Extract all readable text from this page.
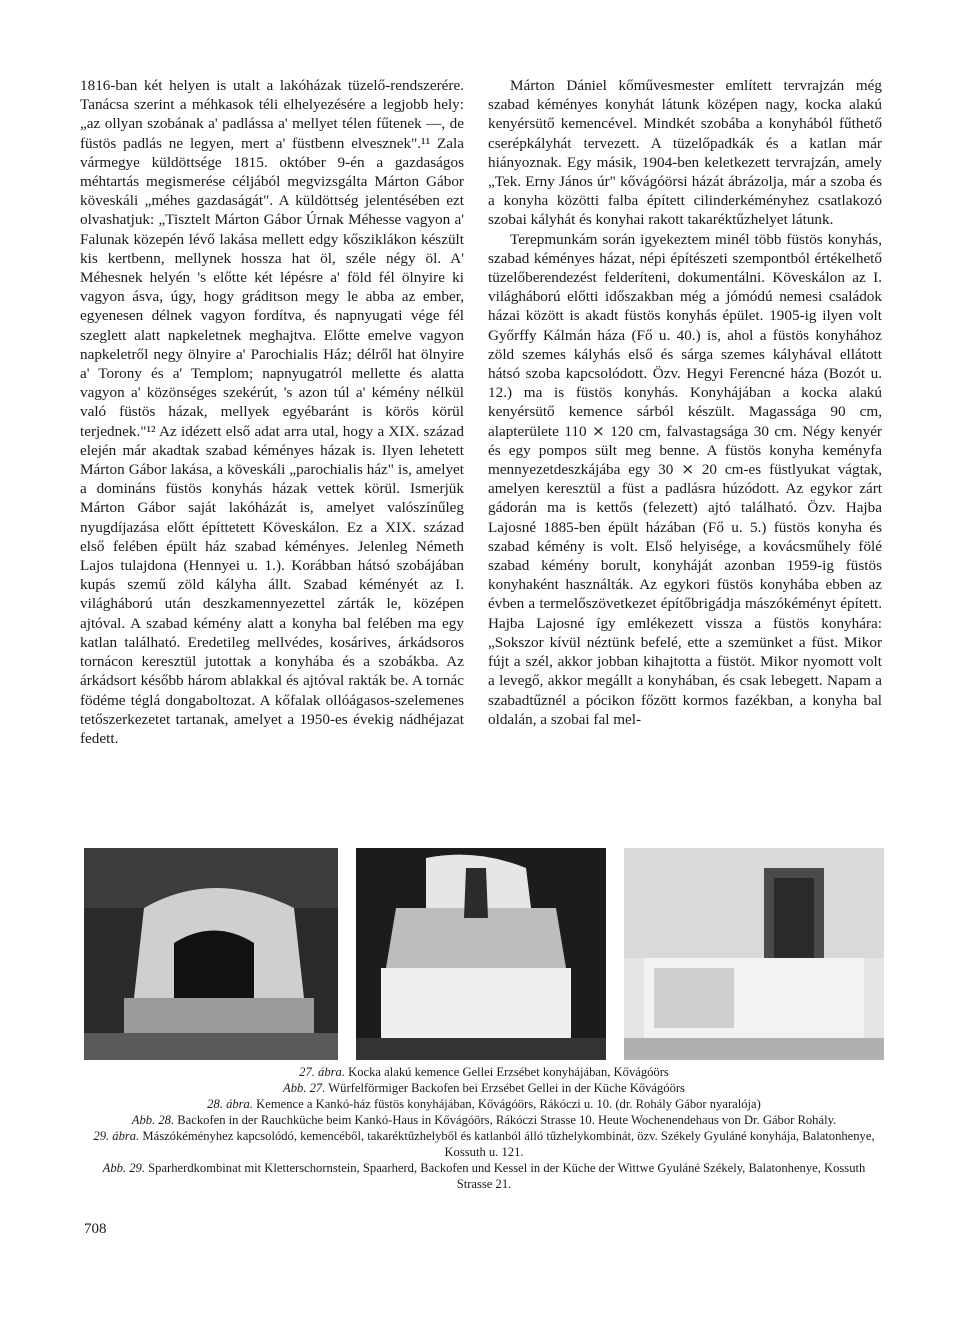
1816-ban két helyen is utalt a lakóházak tüzelő-rendszerére. Tanácsa szerint a méhkasok téli elhelyezésére a legjobb hely: „az ollyan szobának a' padlássa a' mellyet télen fűtenek —, de füstös padlás ne legyen, mert a' füstbenn elvesznek".¹¹ Zala vármegye küldöttsége 1815. október 9-én a gazdaságos méhtartás megismerése céljából megvizsgálta Márton Gábor köveskáli „méhes gazdaságát". A küldöttség jelentésében ezt olvashatjuk: „Tisztelt Márton Gábor Úrnak Méhesse vagyon a' Falunak közepén lévő lakása mellett edgy kősziklákon készült kis kertbenn, mellynek hossza hat öl, széle négy öl. A' Méhesnek helyén 's előtte két lépésre a' föld fél ölnyire ki vagyon ásva, úgy, hogy gráditson megy le abba az ember, egyenesen délnek vagyon fordítva, és napnyugati vége fél szeglett alatt napkeletnek meghajtva. Előtte emelve vagyon napkeletről negy ölnyire a' Parochialis Ház; délről hat ölnyire a' Torony és a' Templom; napnyugatról mellette és alatta vagyon a' közönséges szekérút, 's azon túl a' kémény nélkül való füstös házak, mellyek egyébaránt is körös körül terjednek."¹² Az idézett első adat arra utal, hogy a XIX. század elején már akadtak szabad kéményes házak is. Ilyen lehetett Márton Gábor lakása, a köveskáli „parochialis ház" is, amelyet a domináns füstös konyhás házak vettek körül. Ismerjük Márton Gábor saját lakóházát is, amelyet valószínűleg nyugdíjazása előtt építtetett Köveskálon. Ez a XIX. század első felében épült ház szabad kéményes. Jelenleg Németh Lajos tulajdona (Hennyei u. 1.). Korábban hátsó szobájában kupás szemű zöld kályha állt. Szabad kéményét az I. világháború után deszkamennyezettel zárták le, középen ajtóval. A szabad kémény alatt a konyha bal felében ma egy katlan található. Eredetileg mellvédes, kosárives, árkádsoros tornácon keresztül jutottak a konyhába és a szobákba. Az árkádsort később három ablakkal és ajtóval rakták be. A tornác födéme téglá dongaboltozat. A kőfalak ollóágasos-szelemenes tetőszerkezetet tartanak, amelyet a 1950-es évekig nádhéjazat fedett.

Márton Dániel kőművesmester említett tervrajzán még szabad kéményes konyhát látunk középen nagy, kocka alakú kenyérsütő kemencével. Mindkét szobába a konyhából fűthető cserépkályhát tervezett. A tüzelőpadkák és a katlan már hiányoznak. Egy másik, 1904-ben keletkezett tervrajzán, amely „Tek. Erny János úr" kővágóörsi házát ábrázolja, már a szoba és a konyha közötti falba épített cilinderkéményhez csatlakozó szobai kályhát és konyhai rakott takaréktűzhelyet látunk.

Terepmunkám során igyekeztem minél több füstös konyhás, szabad kéményes házat, népi építészeti szempontból értékelhető tüzelőberendezést felderíteni, dokumentálni. Köveskálon az I. világháború előtti időszakban még a jómódú nemesi családok házai között is akadt füstös konyhás épület. 1905-ig ilyen volt Győrffy Kálmán háza (Fő u. 40.) is, ahol a füstös konyhához zöld szemes kályhás első és sárga szemes kályhával ellátott hátsó szoba kapcsolódott. Özv. Hegyi Ferencné háza (Bozót u. 12.) ma is füstös konyhás. Konyhájában a kocka alakú kenyérsütő kemence sárból készült. Magassága 90 cm, alapterülete 110 ⨯ 120 cm, falvastagsága 30 cm. Négy kenyér és egy pompos sült meg benne. A füstös konyha keményfa mennyezetdeszkájába egy 30 ⨯ 20 cm-es füstlyukat vágtak, amelyen keresztül a füst a padlásra húzódott. Az egykor zárt gádorán ma is kettős (felezett) ajtó található. Özv. Hajba Lajosné 1885-ben épült házában (Fő u. 5.) füstös konyha és szabad kémény is volt. Első helyisége, a kovácsműhely fölé szabad kémény borult, konyháját azonban 1959-ig füstös konyhaként használták. Az egykori füstös konyhába ebben az évben a termelőszövetkezet építőbrigádja mászókéményt épített. Hajba Lajosné így emlékezett vissza a füstös konyhára: „Sokszor kívül néztünk befelé, ette a szemünket a füst. Mikor fújt a szél, akkor jobban kihajtotta a füstöt. Mikor nyomott volt a levegő, akkor megállt a konyhában, és csak lebegett. Napam a szabadtűznél a pócikon főzött kormos fazékban, a konyha bal oldalán, a szobai fal mel-

27. ábra. Kocka alakú kemence Gellei Erzsébet konyhájában, Kővágóörs

Abb. 27. Würfelförmiger Backofen bei Erzsébet Gellei in der Küche Kővágóörs

28. ábra. Kemence a Kankó-ház füstös konyhájában, Kővágóörs, Rákóczi u. 10. (dr. Rohály Gábor nyaralója)

Abb. 28. Backofen in der Rauchküche beim Kankó-Haus in Kővágóörs, Rákóczi Strasse 10. Heute Wochenendehaus von Dr. Gábor Rohály.

29. ábra. Mászókéményhez kapcsolódó, kemencéből, takaréktűzhelyből és katlanból álló tűzhelykombinát, özv. Székely Gyuláné konyhája, Balatonhenye, Kossuth u. 121.

Abb. 29. Sparherdkombinat mit Kletterschornstein, Spaarherd, Backofen und Kessel in der Küche der Wittwe Gyuláné Székely, Balatonhenye, Kossuth Strasse 21.

708
